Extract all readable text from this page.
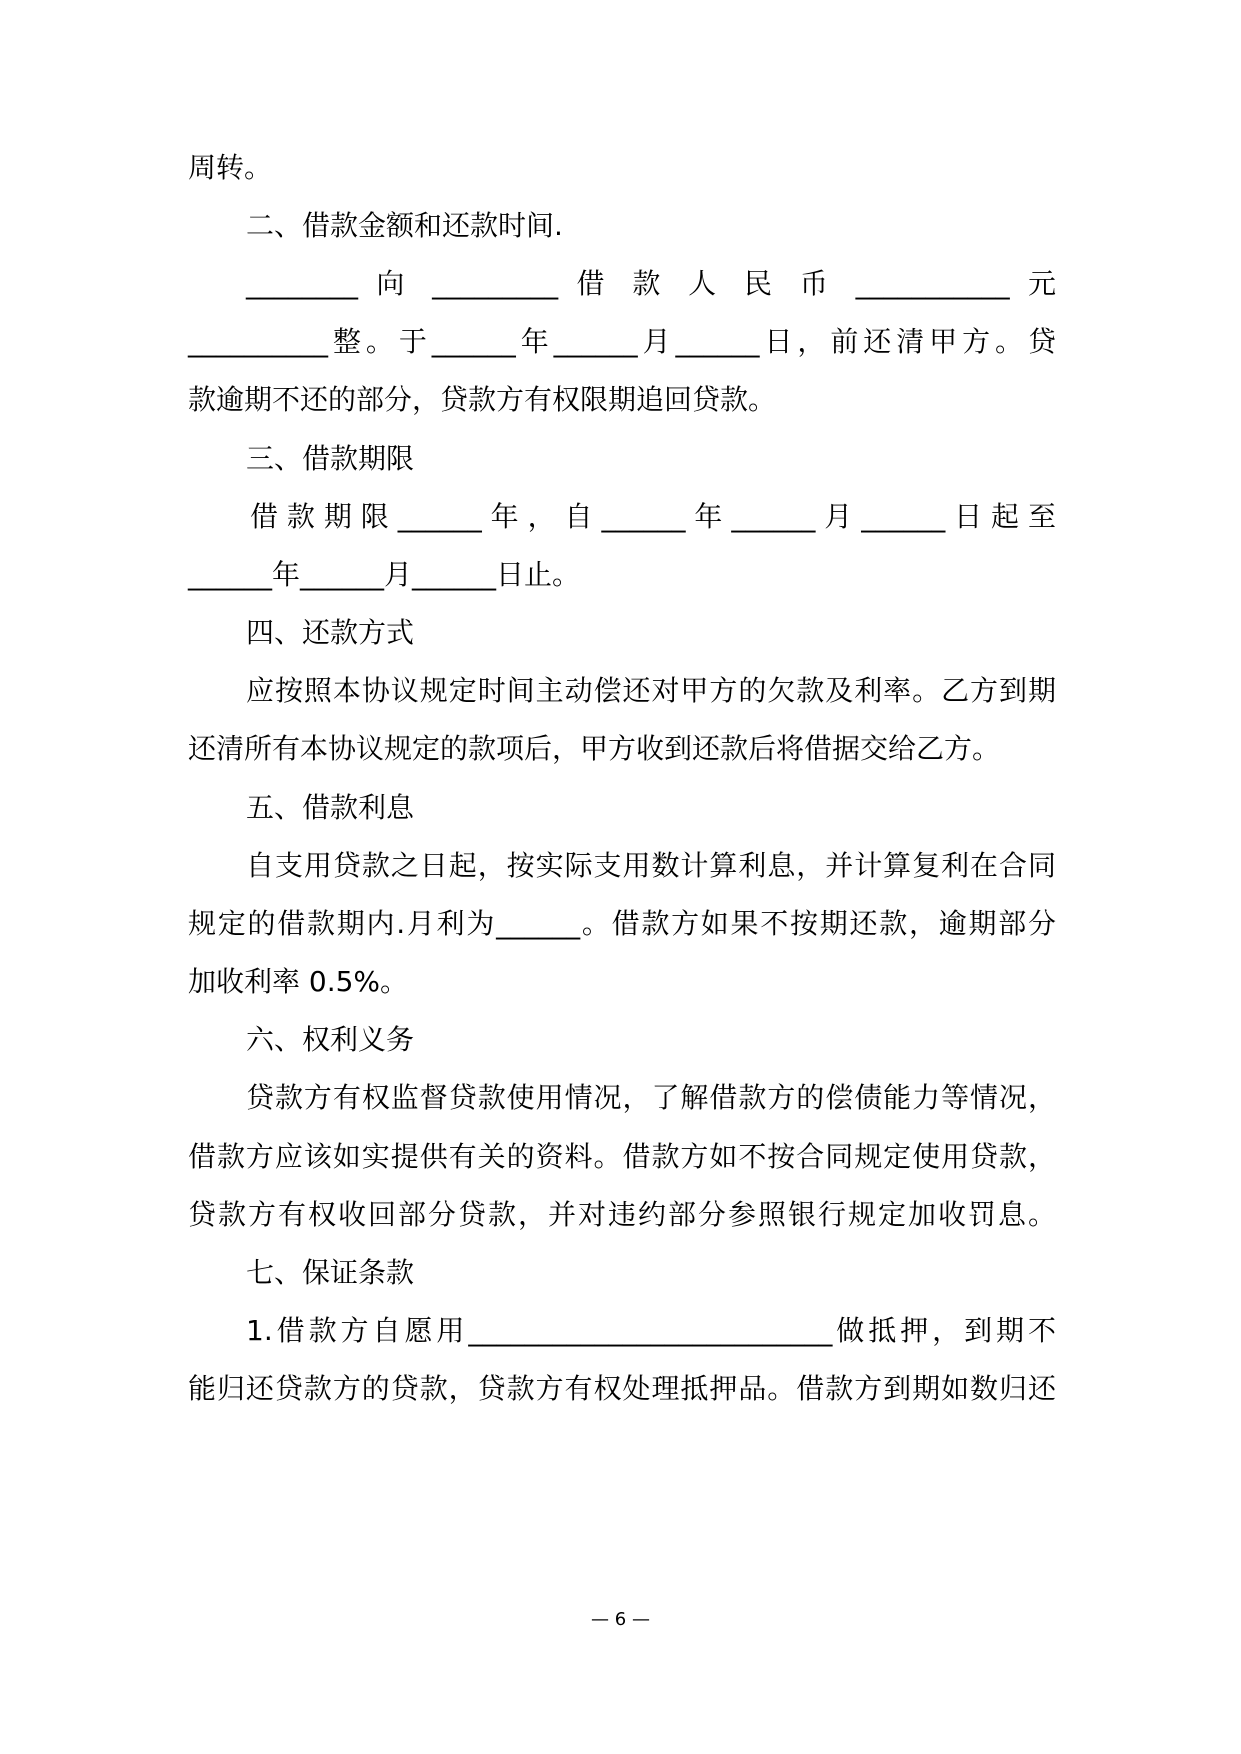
周转。
二、借款金额和还款时间.
________ 向 _________ 借 款 人 民 币 ___________ 元
__________整。于______年______月______日，前还清甲方。贷
款逾期不还的部分，贷款方有权限期追回贷款。
三、借款期限
借款期限______年，自______年______月______日起至
______年______月______日止。
四、还款方式
应按照本协议规定时间主动偿还对甲方的欠款及利率。乙方到期
还清所有本协议规定的款项后，甲方收到还款后将借据交给乙方。
五、借款利息
自支用贷款之日起，按实际支用数计算利息，并计算复利在合同
规定的借款期内.月利为______。借款方如果不按期还款，逾期部分
加收利率 0.5%。
六、权利义务
贷款方有权监督贷款使用情况，了解借款方的偿债能力等情况，
借款方应该如实提供有关的资料。借款方如不按合同规定使用贷款，
贷款方有权收回部分贷款，并对违约部分参照银行规定加收罚息。
七、保证条款
1.借款方自愿用__________________________做抵押，到期不
能归还贷款方的贷款，贷款方有权处理抵押品。借款方到期如数归还
— 6 —
